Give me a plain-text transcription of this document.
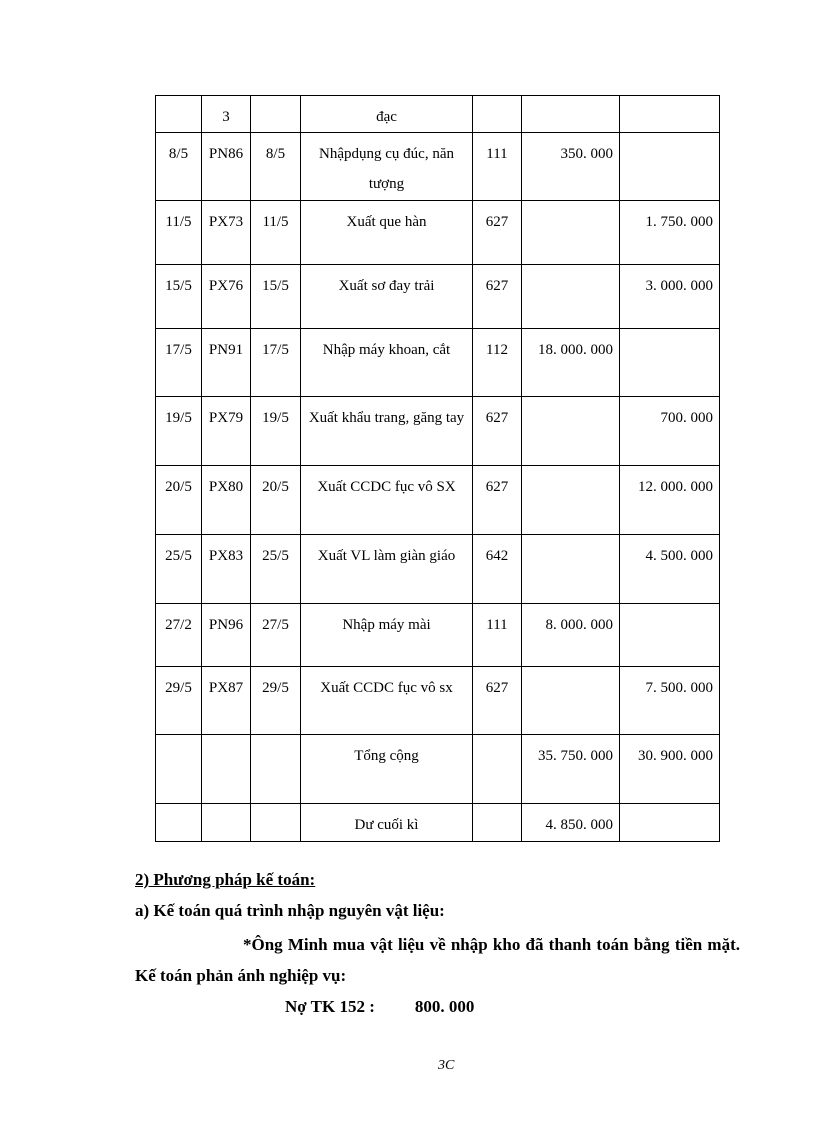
	3		đạc			
8/5	PN86	8/5	Nhậpdụng cụ đúc, năn tượng	111	350. 000	
11/5	PX73	11/5	Xuất que hàn	627		1. 750. 000
15/5	PX76	15/5	Xuất sơ đay trải	627		3. 000. 000
17/5	PN91	17/5	Nhập máy khoan, cắt	112	18. 000. 000	
19/5	PX79	19/5	Xuất khẩu trang, găng tay	627		700. 000
20/5	PX80	20/5	Xuất CCDC fục vô SX	627		12. 000. 000
25/5	PX83	25/5	Xuất VL làm giàn giáo	642		4. 500. 000
27/2	PN96	27/5	Nhập máy mài	111	8. 000. 000	
29/5	PX87	29/5	Xuất CCDC fục vô sx	627		7. 500. 000
			Tổng cộng		35. 750. 000	30. 900. 000
			Dư cuối kì		4. 850. 000	
2) Phương pháp kế toán:
a) Kế toán quá trình nhập nguyên vật liệu:
*Ông Minh mua vật liệu về nhập kho đã thanh toán bằng tiền mặt. Kế toán phản ánh nghiệp vụ:
Nợ TK 152 : 800. 000
3C
